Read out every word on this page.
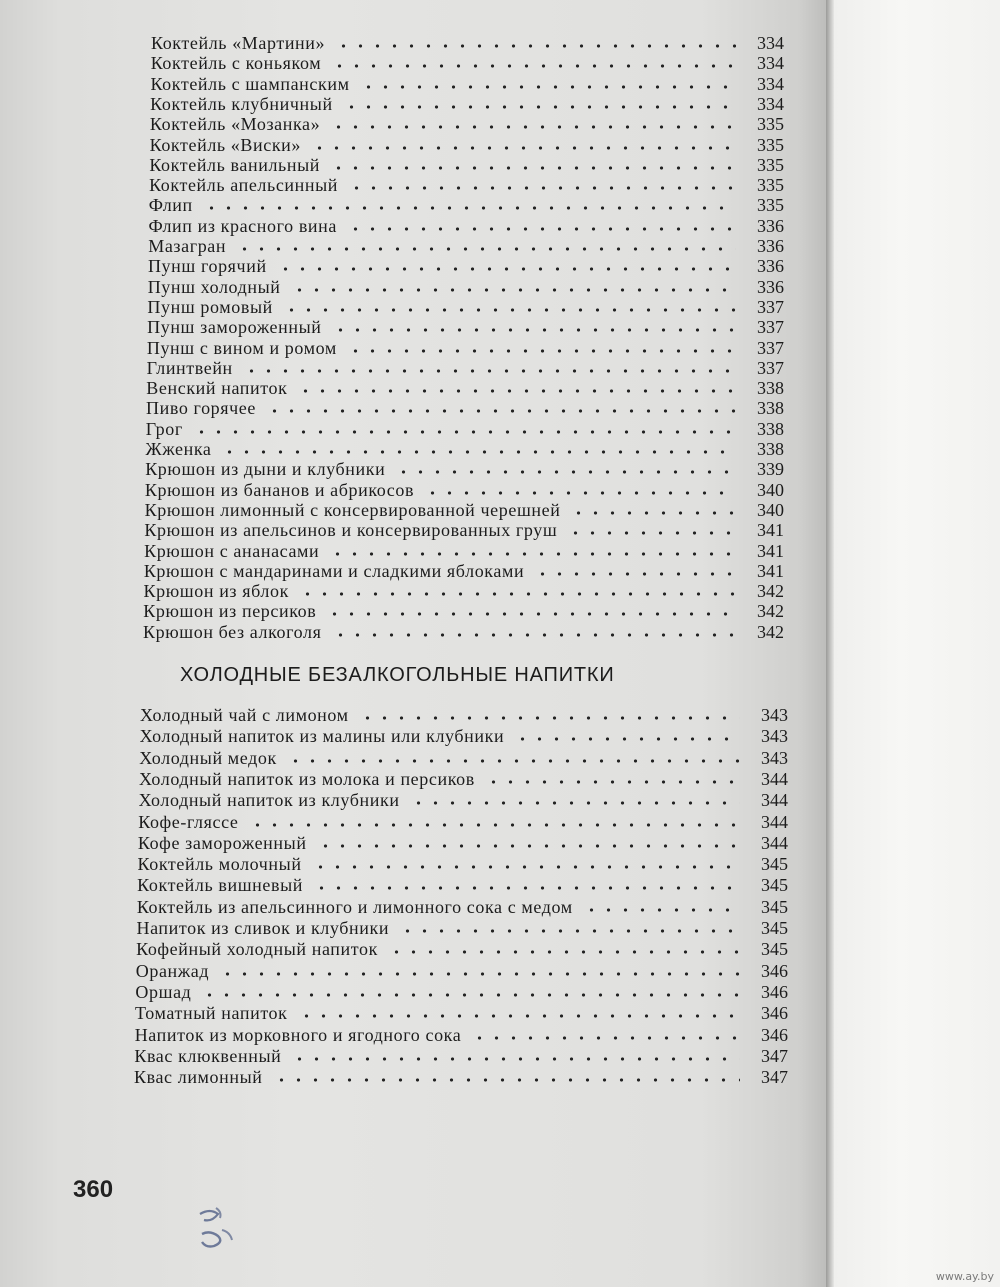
Коктейль «Мартини»	334
Коктейль с коньяком	334
Коктейль с шампанским	334
Коктейль клубничный	334
Коктейль «Мозанка»	335
Коктейль «Виски»	335
Коктейль ванильный	335
Коктейль апельсинный	335
Флип	335
Флип из красного вина	336
Мазагран	336
Пунш горячий	336
Пунш холодный	336
Пунш ромовый	337
Пунш замороженный	337
Пунш с вином и ромом	337
Глинтвейн	337
Венский напиток	338
Пиво горячее	338
Грог	338
Жженка	338
Крюшон из дыни и клубники	339
Крюшон из бананов и абрикосов	340
Крюшон лимонный с консервированной черешней	340
Крюшон из апельсинов и консервированных груш	341
Крюшон с ананасами	341
Крюшон с мандаринами и сладкими яблоками	341
Крюшон из яблок	342
Крюшон из персиков	342
Крюшон без алкоголя	342
ХОЛОДНЫЕ БЕЗАЛКОГОЛЬНЫЕ НАПИТКИ
Холодный чай с лимоном	343
Холодный напиток из малины или клубники	343
Холодный медок	343
Холодный напиток из молока и персиков	344
Холодный напиток из клубники	344
Кофе-гляссе	344
Кофе замороженный	344
Коктейль молочный	345
Коктейль вишневый	345
Коктейль из апельсинного и лимонного сока с медом	345
Напиток из сливок и клубники	345
Кофейный холодный напиток	345
Оранжад	346
Оршад	346
Томатный напиток	346
Напиток из морковного и ягодного сока	346
Квас клюквенный	347
Квас лимонный	347
360
www.ay.by
